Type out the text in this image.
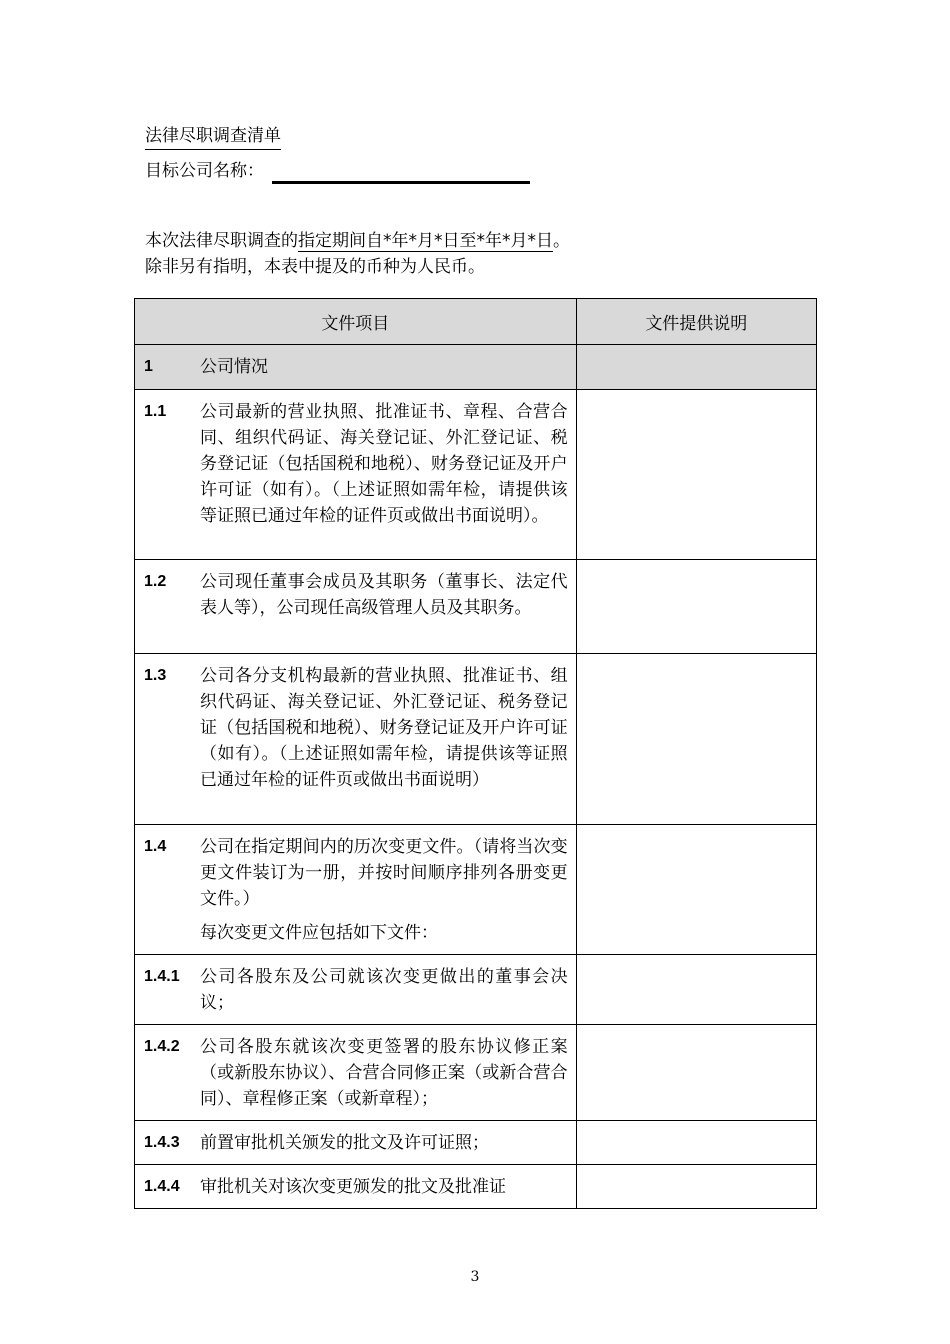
法律尽职调查清单
目标公司名称：
本次法律尽职调查的指定期间自*年*月*日至*年*月*日。
除非另有指明，本表中提及的币种为人民币。
文件项目	文件提供说明

1 公司情况	

1.1 公司最新的营业执照、批准证书、章程、合营合同、组织代码证、海关登记证、外汇登记证、税务登记证（包括国税和地税）、财务登记证及开户许可证（如有）。（上述证照如需年检，请提供该等证照已通过年检的证件页或做出书面说明）。	

1.2 公司现任董事会成员及其职务（董事长、法定代表人等），公司现任高级管理人员及其职务。	

1.3 公司各分支机构最新的营业执照、批准证书、组织代码证、海关登记证、外汇登记证、税务登记证（包括国税和地税）、财务登记证及开户许可证（如有）。（上述证照如需年检，请提供该等证照已通过年检的证件页或做出书面说明）	

1.4 公司在指定期间内的历次变更文件。（请将当次变更文件装订为一册，并按时间顺序排列各册变更文件。）

每次变更文件应包括如下文件：	

1.4.1 公司各股东及公司就该次变更做出的董事会决议；	

1.4.2 公司各股东就该次变更签署的股东协议修正案（或新股东协议）、合营合同修正案（或新合营合同）、章程修正案（或新章程）；	

1.4.3 前置审批机关颁发的批文及许可证照；	

1.4.4 审批机关对该次变更颁发的批文及批准证	

3
